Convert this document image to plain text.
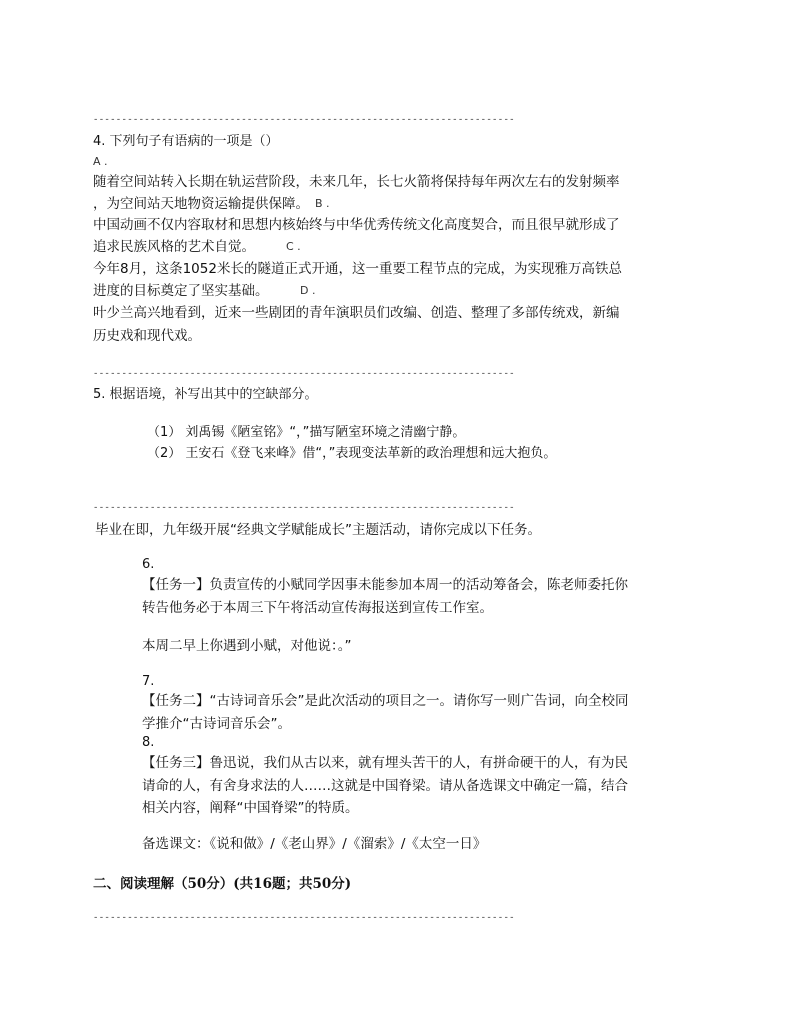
--------------------------------------------------------------------------
4. 下列句子有语病的一项是（）
A .
随着空间站转入长期在轨运营阶段，未来几年，长七火箭将保持每年两次左右的发射频率
，为空间站天地物资运输提供保障。 B .
中国动画不仅内容取材和思想内核始终与中华优秀传统文化高度契合，而且很早就形成了
追求民族风格的艺术自觉。	C .
今年8月，这条1052米长的隧道正式开通，这一重要工程节点的完成，为实现雅万高铁总
进度的目标奠定了坚实基础。	D .
叶少兰高兴地看到，近来一些剧团的青年演职员们改编、创造、整理了多部传统戏，新编
历史戏和现代戏。
--------------------------------------------------------------------------
5. 根据语境，补写出其中的空缺部分。
（1） 刘禹锡《陋室铭》“，”描写陋室环境之清幽宁静。
（2） 王安石《登飞来峰》借“，”表现变法革新的政治理想和远大抱负。
--------------------------------------------------------------------------
毕业在即，九年级开展“经典文学赋能成长”主题活动，请你完成以下任务。
6.
【任务一】负责宣传的小赋同学因事未能参加本周一的活动筹备会，陈老师委托你
转告他务必于本周三下午将活动宣传海报送到宣传工作室。
本周二早上你遇到小赋，对他说：。”
7.
【任务二】“古诗词音乐会”是此次活动的项目之一。请你写一则广告词，向全校同
学推介“古诗词音乐会”。
8.
【任务三】鲁迅说，我们从古以来，就有埋头苦干的人，有拼命硬干的人，有为民
请命的人，有舍身求法的人……这就是中国脊梁。请从备选课文中确定一篇，结合
相关内容，阐释“中国脊梁”的特质。
备选课文：《说和做》/《老山界》/《溜索》/《太空一日》
二、阅读理解（50分）(共16题；共50分)
--------------------------------------------------------------------------
